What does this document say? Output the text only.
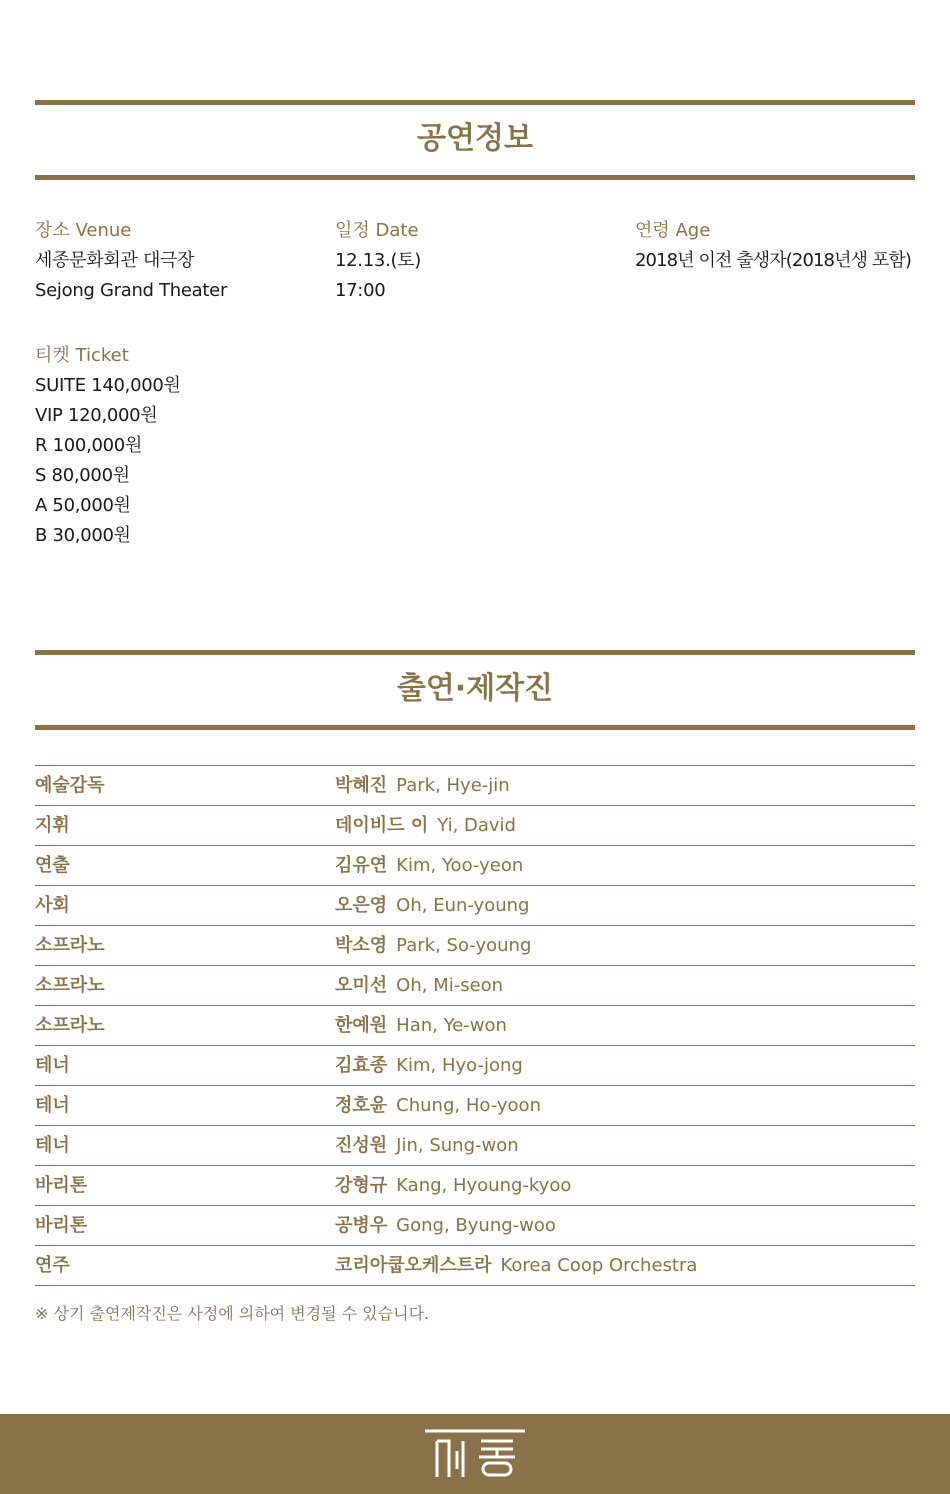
공연정보
장소 Venue
세종문화회관 대극장
Sejong Grand Theater
일정 Date
12.13.(토)
17:00
연령 Age
2018년 이전 출생자(2018년생 포함)
티켓 Ticket
SUITE 140,000원
VIP 120,000원
R 100,000원
S 80,000원
A 50,000원
B 30,000원
출연·제작진
예술감독	박혜진 Park, Hye-jin
지휘	데이비드 이 Yi, David
연출	김유연 Kim, Yoo-yeon
사회	오은영 Oh, Eun-young
소프라노	박소영 Park, So-young
소프라노	오미선 Oh, Mi-seon
소프라노	한예원 Han, Ye-won
테너	김효종 Kim, Hyo-jong
테너	정호윤 Chung, Ho-yoon
테너	진성원 Jin, Sung-won
바리톤	강형규 Kang, Hyoung-kyoo
바리톤	공병우 Gong, Byung-woo
연주	코리아쿱오케스트라 Korea Coop Orchestra
※ 상기 출연제작진은 사정에 의하여 변경될 수 있습니다.
